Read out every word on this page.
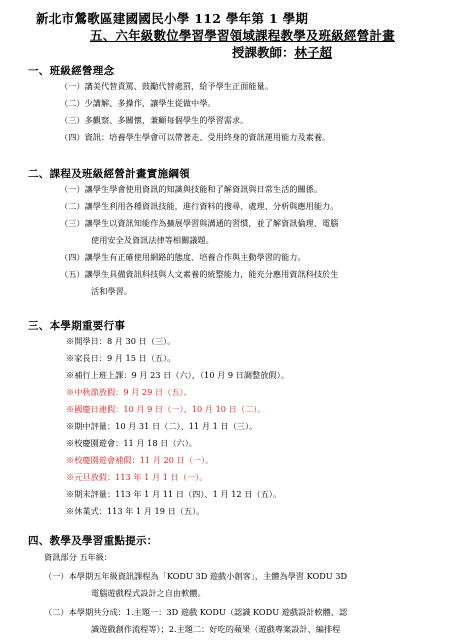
新北市鶯歌區建國國民小學 112 學年第 1 學期
五、六年級數位學習學習領域課程教學及班級經營計畫
授課教師：林子超
一、班級經營理念
（一）講美代替責罵、鼓勵代替處罰，給予學生正面能量。
（二）少講解、多操作，讓學生從做中學。
（三）多觀察、多關懷，兼顧每個學生的學習需求。
（四）資訊：培養學生學會可以帶著走、受用終身的資訊運用能力及素養。
二、課程及班級經營計畫實施綱領
（一）讓學生學會使用資訊的知識與技能和了解資訊與日常生活的關係。
（二）讓學生利用各種資訊技能，進行資料的搜尋、處理、分析與應用能力。
（三）讓學生以資訊知能作為擴展學習與溝通的習慣，並了解資訊倫理、電腦
使用安全及資訊法律等相關議題。
（四）讓學生有正確使用網路的態度、培養合作與主動學習的能力。
（五）讓學生具備資訊科技與人文素養的統整能力，能充分應用資訊科技於生
活和學習。
三、本學期重要行事
※開學日：8 月 30 日（三）。
※家長日：9 月 15 日（五）。
※補行上班上課：9 月 23 日（六），（10 月 9 日調整放假）。
※中秋節放假：9 月 29 日（五）。
※國慶日連假：10 月 9 日（一）、10 月 10 日（二）。
※期中評量：10 月 31 日（二）、11 月 1 日（三）。
※校慶園遊會：11 月 18 日（六）。
※校慶園遊會補假：11 月 20 日（一）。
※元旦放假：113 年 1 月 1 日（一）。
※期末評量：113 年 1 月 11 日（四）、1 月 12 日（五）。
※休業式：113 年 1 月 19 日（五）。
四、教學及學習重點提示：
資訊部分 五年級：
（一）本學期五年級資訊課程為「KODU 3D 遊戲小創客」，主體為學習 KODU 3D
電腦遊戲程式設計之自由軟體。
（二）本學期共分成：1.主題一：3D 遊戲 KODU（認識 KODU 遊戲設計軟體、認
識遊戲創作流程等）；2.主題二：好吃的蘋果（遊戲專案設計、編排程
